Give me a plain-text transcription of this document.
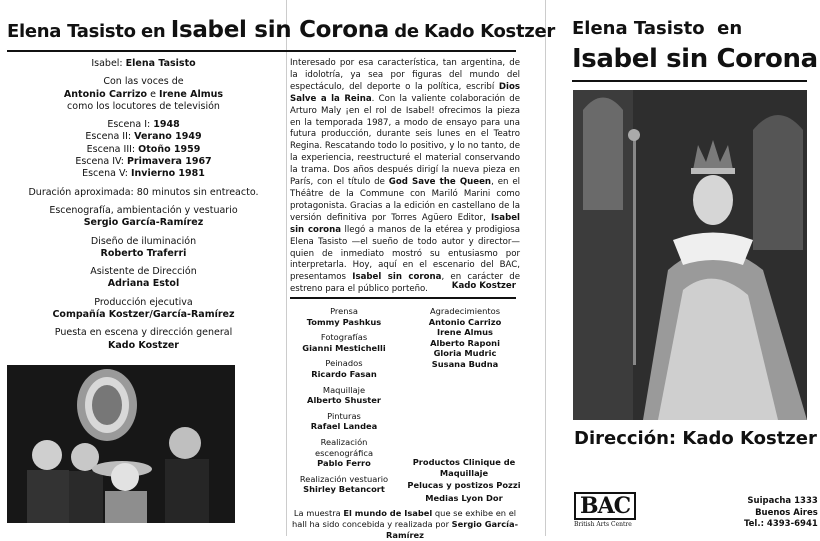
Elena Tasisto en Isabel sin Corona de Kado Kostzer
Isabel: Elena Tasisto
Con las voces de
Antonio Carrizo e Irene Almus
como los locutores de televisión
Escena I: 1948
Escena II: Verano 1949
Escena III: Otoño 1959
Escena IV: Primavera 1967
Escena V: Invierno 1981
Duración aproximada: 80 minutos sin entreacto.
Escenografía, ambientación y vestuario
Sergio García-Ramírez
Diseño de iluminación
Roberto Traferri
Asistente de Dirección
Adriana Estol
Producción ejecutiva
Compañía Kostzer/García-Ramírez
Puesta en escena y dirección general
Kado Kostzer
Interesado por esa característica, tan argentina, de la idolotría, ya sea por figuras del mundo del espectáculo, del deporte o la política, escribí Dios Salve a la Reina. Con la valiente colaboración de Arturo Maly ¡en el rol de Isabel! ofrecimos la pieza en la temporada 1987, a modo de ensayo para una futura producción, durante seis lunes en el Teatro Regina. Rescatando todo lo positivo, y lo no tanto, de la experiencia, reestructuré el material conservando la trama. Dos años después dirigí la nueva pieza en París, con el título de God Save the Queen, en el Théâtre de la Commune con Mariló Marini como protagonista. Gracias a la edición en castellano de la versión definitiva por Torres Agüero Editor, Isabel sin corona llegó a manos de la etérea y prodigiosa Elena Tasisto —el sueño de todo autor y director— quien de inmediato mostró su entusiasmo por interpretarla. Hoy, aquí en el escenario del BAC, presentamos Isabel sin corona, en carácter de estreno para el público porteño.	Kado Kostzer
Prensa
Tommy Pashkus
Fotografías
Gianni Mestichelli
Peinados
Ricardo Fasan
Maquillaje
Alberto Shuster
Pinturas
Rafael Landea
Realización escenográfica
Pablo Ferro
Realización vestuario
Shirley Betancort
Agradecimientos
Antonio Carrizo
Irene Almus
Alberto Raponi
Gloria Mudric
Susana Budna
Productos Clinique de Maquillaje
Pelucas y postizos Pozzi
Medias Lyon Dor
La muestra El mundo de Isabel que se exhibe en el hall ha sido concebida y realizada por Sergio García-Ramírez
Elena Tasisto en
Isabel sin Corona
Dirección: Kado Kostzer
BAC
British Arts Centre
Suipacha 1333
Buenos Aires
Tel.: 4393-6941
